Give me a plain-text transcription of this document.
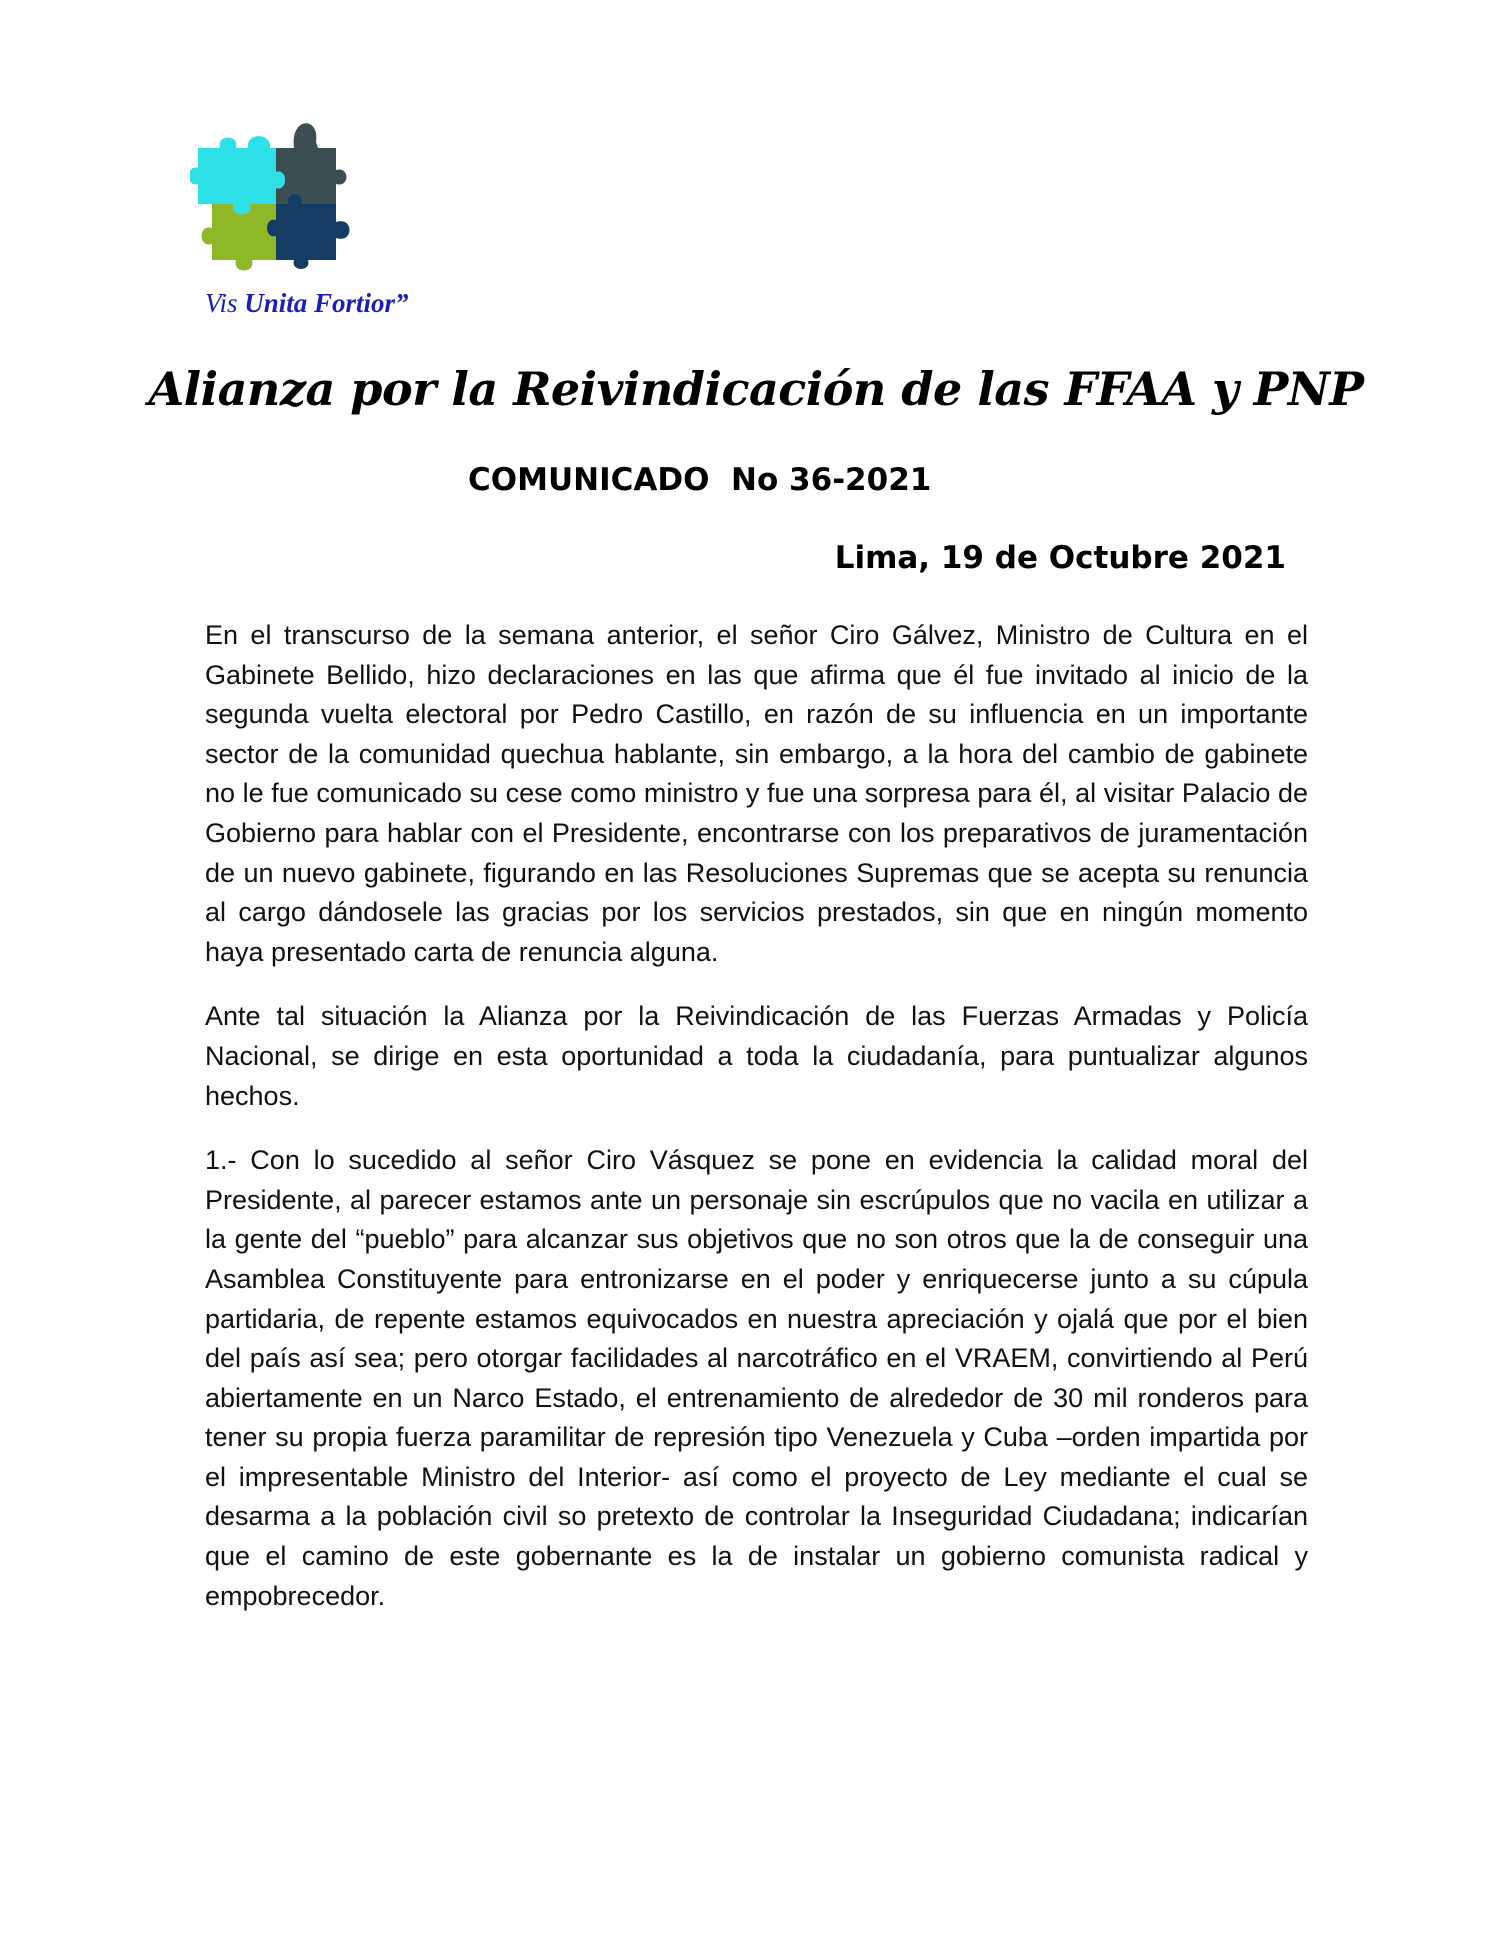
Vis Unita Fortior”
Alianza por la Reivindicación de las FFAA y PNP
COMUNICADO  No 36-2021
Lima, 19 de Octubre 2021

En el transcurso de la semana anterior, el señor Ciro Gálvez, Ministro de Cultura en el Gabinete Bellido, hizo declaraciones en las que afirma que él fue invitado al inicio de la segunda vuelta electoral por Pedro Castillo, en razón de su influencia en un importante sector de la comunidad quechua hablante, sin embargo, a la hora del cambio de gabinete no le fue comunicado su cese como ministro y fue una sorpresa para él, al visitar Palacio de Gobierno para hablar con el Presidente, encontrarse con los preparativos de juramentación de un nuevo gabinete, figurando en las Resoluciones Supremas que se acepta su renuncia al cargo dándosele las gracias por los servicios prestados, sin que en ningún momento haya presentado carta de renuncia alguna.

Ante tal situación la Alianza por la Reivindicación de las Fuerzas Armadas y Policía Nacional, se dirige en esta oportunidad a toda la ciudadanía, para puntualizar algunos hechos.

1.- Con lo sucedido al señor Ciro Vásquez se pone en evidencia la calidad moral del Presidente, al parecer estamos ante un personaje sin escrúpulos que no vacila en utilizar a la gente del “pueblo” para alcanzar sus objetivos que no son otros que la de conseguir una Asamblea Constituyente para entronizarse en el poder y enriquecerse junto a su cúpula partidaria, de repente estamos equivocados en nuestra apreciación y ojalá que por el bien del país así sea; pero otorgar facilidades al narcotráfico en el VRAEM, convirtiendo al Perú abiertamente en un Narco Estado, el entrenamiento de alrededor de 30 mil ronderos para tener su propia fuerza paramilitar de represión tipo Venezuela y Cuba –orden impartida por el impresentable Ministro del Interior- así como el proyecto de Ley mediante el cual se desarma a la población civil so pretexto de controlar la Inseguridad Ciudadana; indicarían que el camino de este gobernante es la de instalar un gobierno comunista radical y empobrecedor.
